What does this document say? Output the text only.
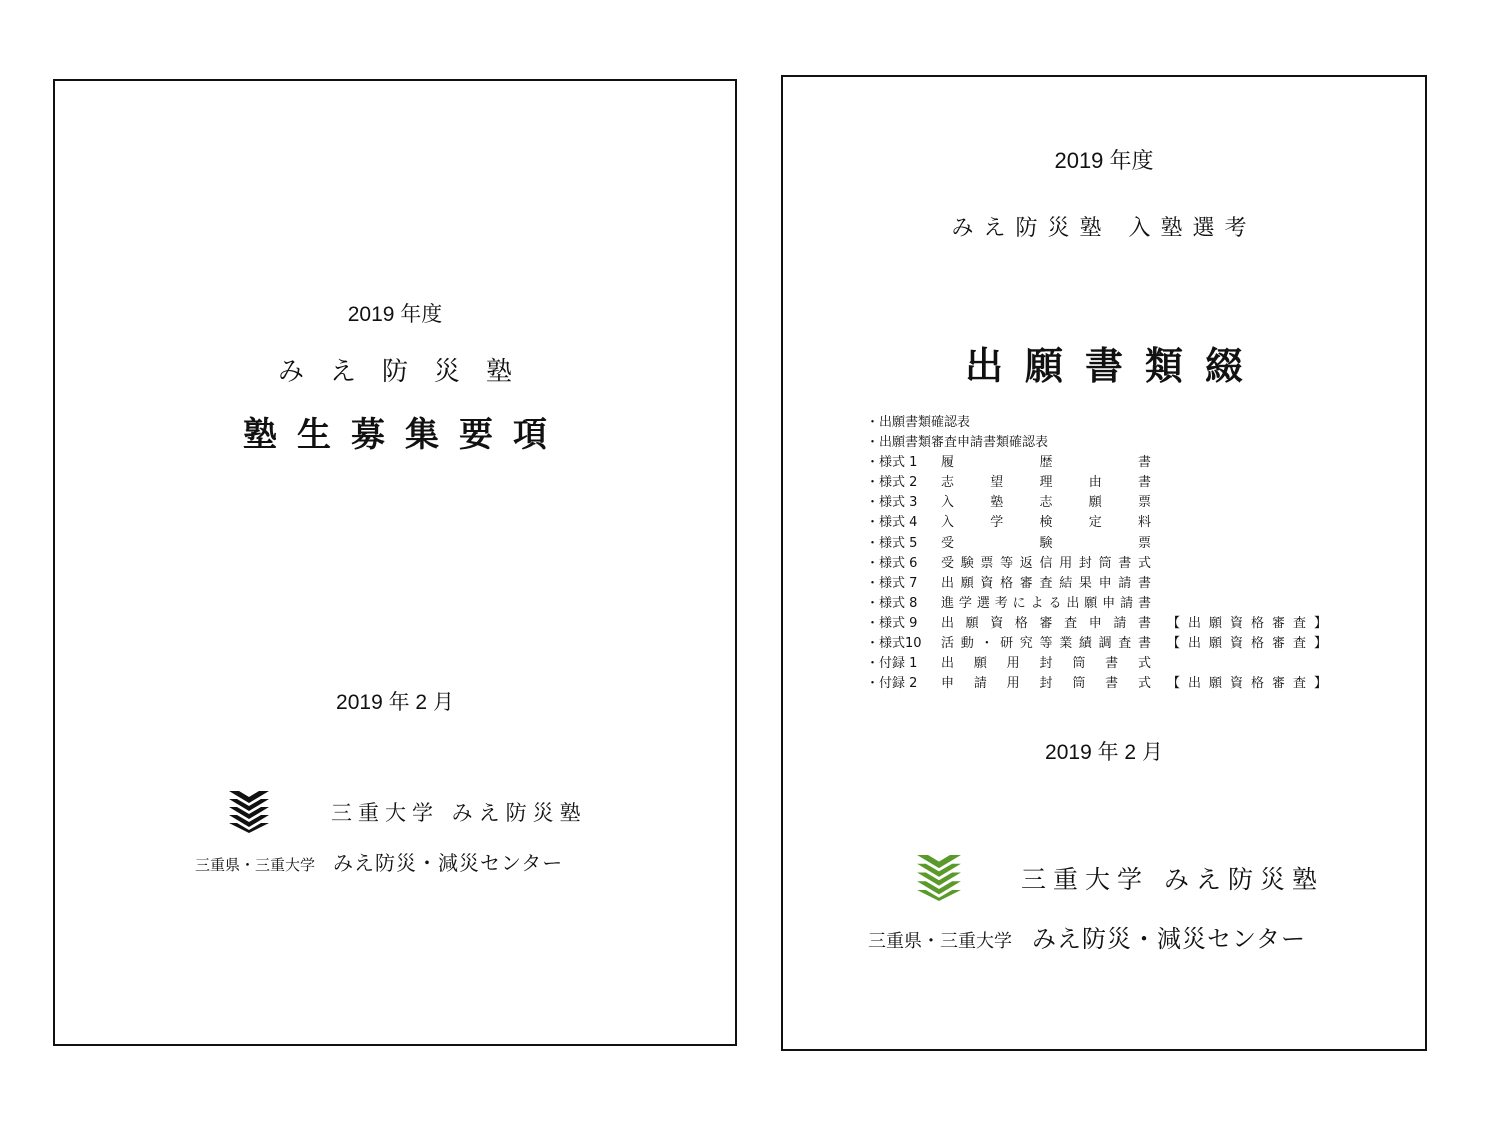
2019 年度
みえ防災塾
塾生募集要項
2019 年 2 月
三重大学 みえ防災塾
三重県・三重大学 みえ防災・減災センター
2019 年度
みえ防災塾 入塾選考
出願書類綴
・出願書類確認表
・出願書類審査申請書類確認表
・様式 1	履歴書
・様式 2	志望理由書
・様式 3	入塾志願票
・様式 4	入学検定料
・様式 5	受験票
・様式 6	受験票等返信用封筒書式
・様式 7	出願資格審査結果申請書
・様式 8	進学選考による出願申請書
・様式 9	出願資格審査申請書 【出願資格審査】
・様式10	活動・研究等業績調査書 【出願資格審査】
・付録 1	出願用封筒書式
・付録 2	申請用封筒書式 【出願資格審査】
2019 年 2 月
三重大学 みえ防災塾
三重県・三重大学 みえ防災・減災センター
